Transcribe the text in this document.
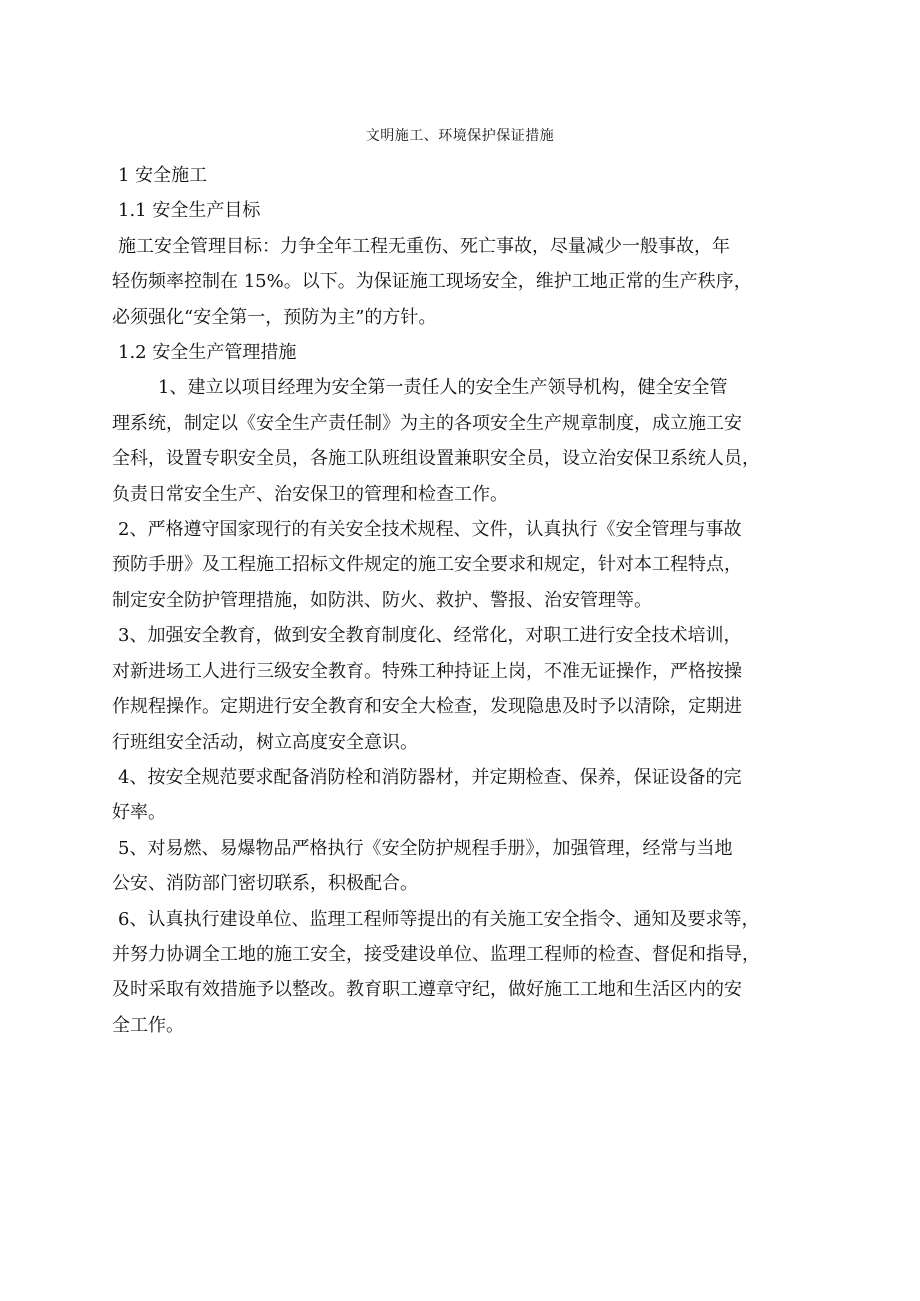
文明施工、环境保护保证措施

1 安全施工

1.1 安全生产目标

施工安全管理目标：力争全年工程无重伤、死亡事故，尽量减少一般事故，年

轻伤频率控制在 15%。以下。为保证施工现场安全，维护工地正常的生产秩序，

必须强化“安全第一，预防为主”的方针。

1.2 安全生产管理措施

1、建立以项目经理为安全第一责任人的安全生产领导机构，健全安全管

理系统，制定以《安全生产责任制》为主的各项安全生产规章制度，成立施工安

全科，设置专职安全员，各施工队班组设置兼职安全员，设立治安保卫系统人员，

负责日常安全生产、治安保卫的管理和检查工作。

2、严格遵守国家现行的有关安全技术规程、文件，认真执行《安全管理与事故

预防手册》及工程施工招标文件规定的施工安全要求和规定，针对本工程特点，

制定安全防护管理措施，如防洪、防火、救护、警报、治安管理等。

3、加强安全教育，做到安全教育制度化、经常化，对职工进行安全技术培训，

对新进场工人进行三级安全教育。特殊工种持证上岗，不准无证操作，严格按操

作规程操作。定期进行安全教育和安全大检查，发现隐患及时予以清除，定期进

行班组安全活动，树立高度安全意识。

4、按安全规范要求配备消防栓和消防器材，并定期检查、保养，保证设备的完

好率。

5、对易燃、易爆物品严格执行《安全防护规程手册》，加强管理，经常与当地

公安、消防部门密切联系，积极配合。

6、认真执行建设单位、监理工程师等提出的有关施工安全指令、通知及要求等，

并努力协调全工地的施工安全，接受建设单位、监理工程师的检查、督促和指导，

及时采取有效措施予以整改。教育职工遵章守纪，做好施工工地和生活区内的安

全工作。
